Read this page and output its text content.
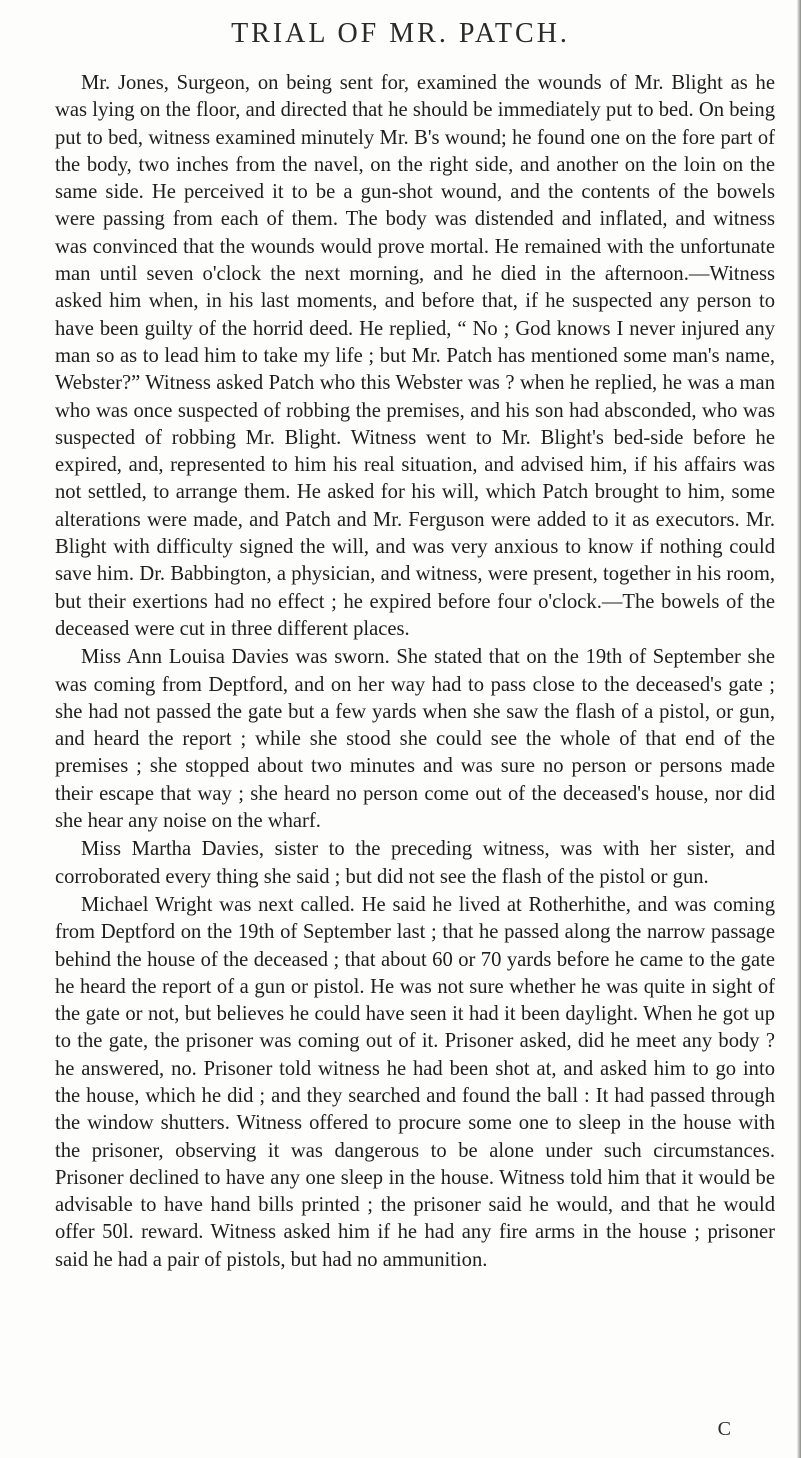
TRIAL OF MR. PATCH.

Mr. Jones, Surgeon, on being sent for, examined the wounds of Mr. Blight as he was lying on the floor, and directed that he should be immediately put to bed. On being put to bed, witness examined minutely Mr. B's wound; he found one on the fore part of the body, two inches from the navel, on the right side, and another on the loin on the same side. He perceived it to be a gun-shot wound, and the contents of the bowels were passing from each of them. The body was distended and inflated, and witness was convinced that the wounds would prove mortal. He remained with the unfortunate man until seven o'clock the next morning, and he died in the afternoon.—Witness asked him when, in his last moments, and before that, if he suspected any person to have been guilty of the horrid deed. He replied, “ No ; God knows I never injured any man so as to lead him to take my life ; but Mr. Patch has mentioned some man's name, Webster?” Witness asked Patch who this Webster was ? when he replied, he was a man who was once suspected of robbing the premises, and his son had absconded, who was suspected of robbing Mr. Blight. Witness went to Mr. Blight's bed-side before he expired, and, represented to him his real situation, and advised him, if his affairs was not settled, to arrange them. He asked for his will, which Patch brought to him, some alterations were made, and Patch and Mr. Ferguson were added to it as executors. Mr. Blight with difficulty signed the will, and was very anxious to know if nothing could save him. Dr. Babbington, a physician, and witness, were present, together in his room, but their exertions had no effect ; he expired before four o'clock.—The bowels of the deceased were cut in three different places.

Miss Ann Louisa Davies was sworn. She stated that on the 19th of September she was coming from Deptford, and on her way had to pass close to the deceased's gate ; she had not passed the gate but a few yards when she saw the flash of a pistol, or gun, and heard the report ; while she stood she could see the whole of that end of the premises ; she stopped about two minutes and was sure no person or persons made their escape that way ; she heard no person come out of the deceased's house, nor did she hear any noise on the wharf.

Miss Martha Davies, sister to the preceding witness, was with her sister, and corroborated every thing she said ; but did not see the flash of the pistol or gun.

Michael Wright was next called. He said he lived at Rotherhithe, and was coming from Deptford on the 19th of September last ; that he passed along the narrow passage behind the house of the deceased ; that about 60 or 70 yards before he came to the gate he heard the report of a gun or pistol. He was not sure whether he was quite in sight of the gate or not, but believes he could have seen it had it been daylight. When he got up to the gate, the prisoner was coming out of it. Prisoner asked, did he meet any body ? he answered, no. Prisoner told witness he had been shot at, and asked him to go into the house, which he did ; and they searched and found the ball : It had passed through the window shutters. Witness offered to procure some one to sleep in the house with the prisoner, observing it was dangerous to be alone under such circumstances. Prisoner declined to have any one sleep in the house. Witness told him that it would be advisable to have hand bills printed ; the prisoner said he would, and that he would offer 50l. reward. Witness asked him if he had any fire arms in the house ; prisoner said he had a pair of pistols, but had no ammunition.

C
